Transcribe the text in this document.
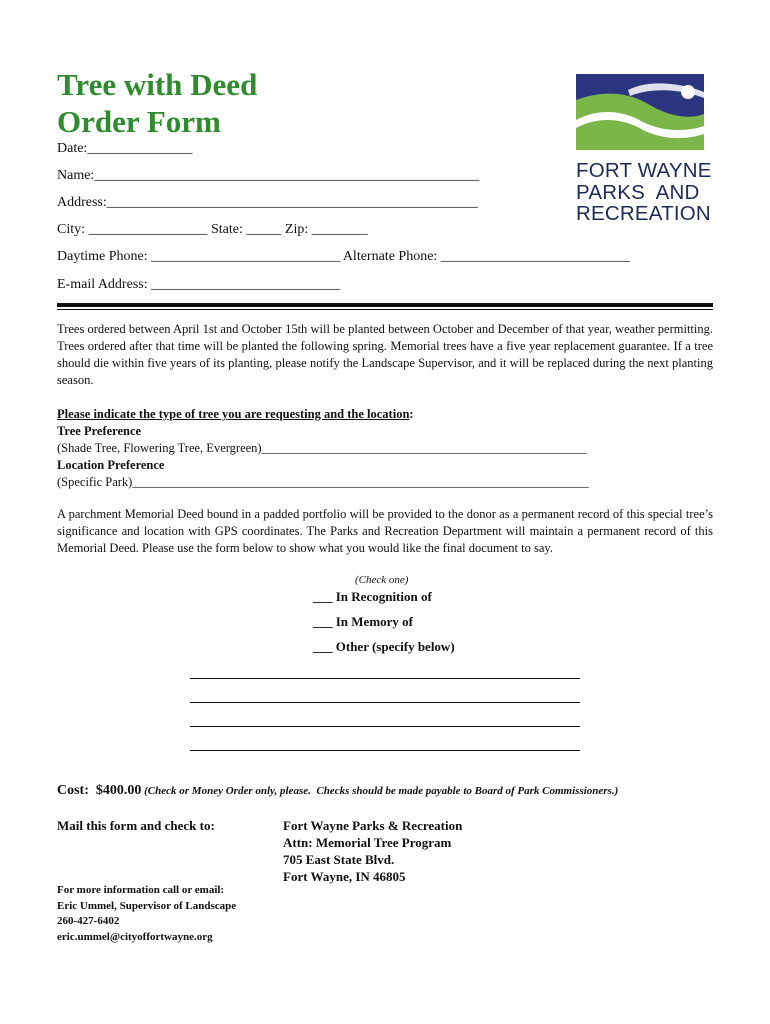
Tree with Deed
Order Form
Date:_______________
Name:_______________________________________________________
Address:_____________________________________________________
City: _________________ State: _____ Zip: ________
Daytime Phone: ___________________________ Alternate Phone: ___________________________
E-mail Address: ___________________________
FORT WAYNE
PARKS  AND
RECREATION
Trees ordered between April 1st and October 15th will be planted between October and December of that year, weather permitting. Trees ordered after that time will be planted the following spring. Memorial trees have a five year replacement guarantee. If a tree should die within five years of its planting, please notify the Landscape Supervisor, and it will be replaced during the next planting season.
Please indicate the type of tree you are requesting and the location:
Tree Preference
(Shade Tree, Flowering Tree, Evergreen)____________________________________________________
Location Preference
(Specific Park)_________________________________________________________________________
A parchment Memorial Deed bound in a padded portfolio will be provided to the donor as a permanent record of this special tree’s significance and location with GPS coordinates. The Parks and Recreation Department will maintain a permanent record of this Memorial Deed. Please use the form below to show what you would like the final document to say.
(Check one)
___ In Recognition of
___ In Memory of
___ Other (specify below)
Cost:  $400.00 (Check or Money Order only, please.  Checks should be made payable to Board of Park Commissioners.)
Mail this form and check to:	Fort Wayne Parks & Recreation
Attn: Memorial Tree Program
705 East State Blvd.
Fort Wayne, IN 46805
For more information call or email:
Eric Ummel, Supervisor of Landscape
260-427-6402
eric.ummel@cityoffortwayne.org
